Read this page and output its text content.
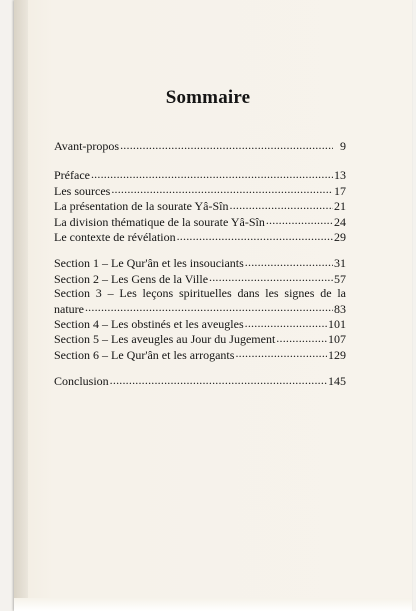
Sommaire
Avant-propos .....	9
Préface .....	13
Les sources .....	17
La présentation de la sourate Yâ-Sîn .....	21
La division thématique de la sourate Yâ-Sîn .....	24
Le contexte de révélation .....	29
Section 1 – Le Qur'ân et les insouciants .....	31
Section 2 – Les Gens de la Ville .....	57
Section 3 – Les leçons spirituelles dans les signes de la
nature .....	83
Section 4 – Les obstinés et les aveugles .....	101
Section 5 – Les aveugles au Jour du Jugement .....	107
Section 6 – Le Qur'ân et les arrogants .....	129
Conclusion .....	145
